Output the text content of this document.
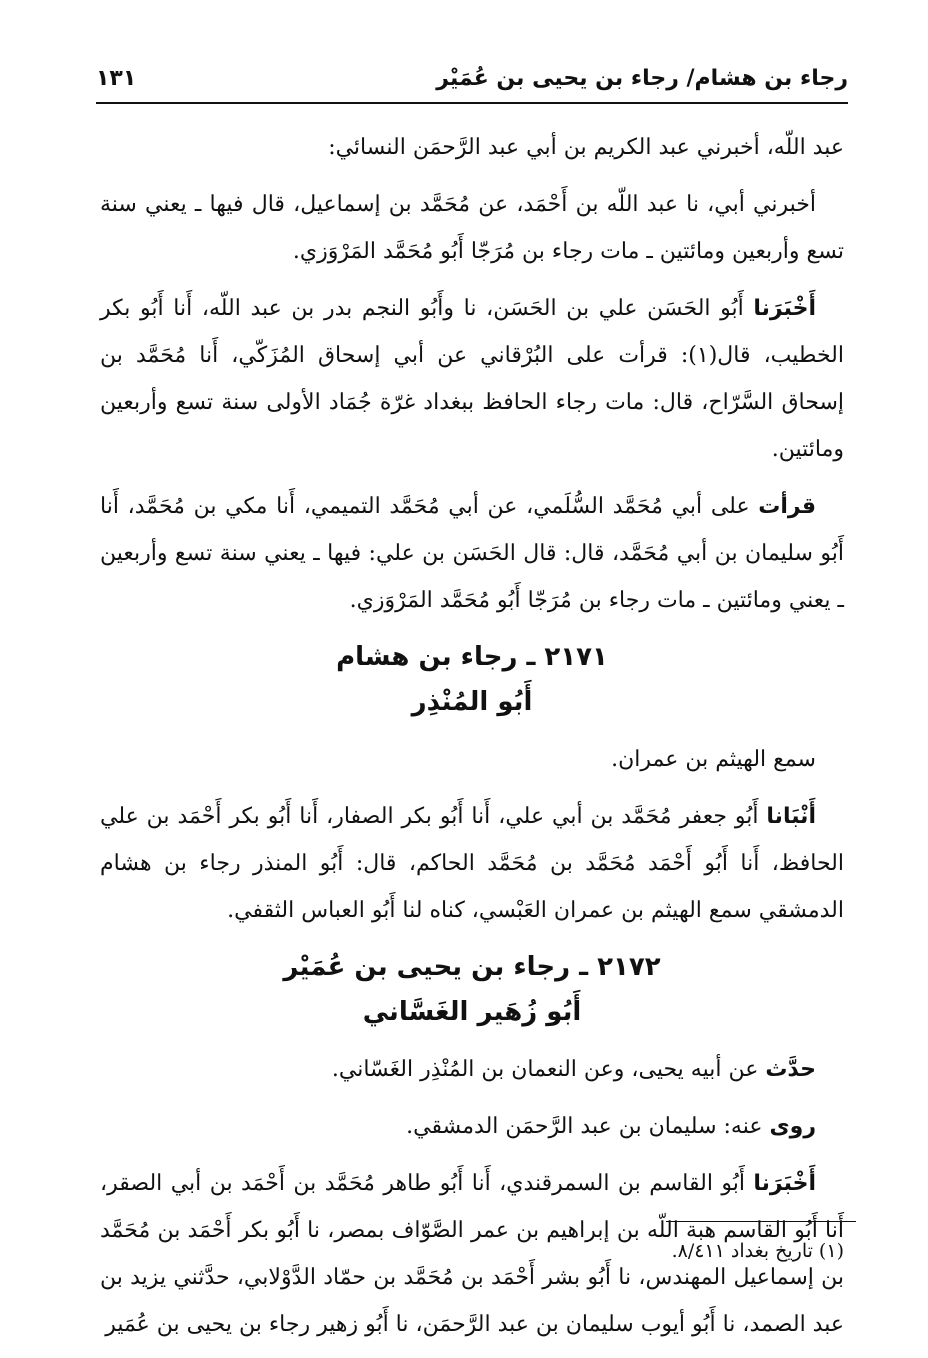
رجاء بن هشام/ رجاء بن يحيى بن عُمَيْر
١٣١

عبد اللّه، أخبرني عبد الكريم بن أبي عبد الرَّحمَن النسائي:

أخبرني أبي، نا عبد اللّه بن أَحْمَد، عن مُحَمَّد بن إسماعيل، قال فيها ـ يعني سنة تسع وأربعين ومائتين ـ مات رجاء بن مُرَجّا أَبُو مُحَمَّد المَرْوَزي.

أَخْبَرَنا أَبُو الحَسَن علي بن الحَسَن، نا وأَبُو النجم بدر بن عبد اللّه، أَنا أَبُو بكر الخطيب، قال(١): قرأت على البُرْقاني عن أبي إسحاق المُزَكّي، أَنا مُحَمَّد بن إسحاق السَّرّاح، قال: مات رجاء الحافظ ببغداد غرّة جُمَاد الأولى سنة تسع وأربعين ومائتين.

قرأت على أبي مُحَمَّد السُّلَمي، عن أبي مُحَمَّد التميمي، أَنا مكي بن مُحَمَّد، أَنا أَبُو سليمان بن أبي مُحَمَّد، قال: قال الحَسَن بن علي: فيها ـ يعني سنة تسع وأربعين ـ يعني ومائتين ـ مات رجاء بن مُرَجّا أَبُو مُحَمَّد المَرْوَزي.

٢١٧١ ـ رجاء بن هشام
أَبُو المُنْذِر

سمع الهيثم بن عمران.

أَنْبَانا أَبُو جعفر مُحَمَّد بن أبي علي، أَنا أَبُو بكر الصفار، أَنا أَبُو بكر أَحْمَد بن علي الحافظ، أَنا أَبُو أَحْمَد مُحَمَّد بن مُحَمَّد الحاكم، قال: أَبُو المنذر رجاء بن هشام الدمشقي سمع الهيثم بن عمران العَبْسي، كناه لنا أَبُو العباس الثقفي.

٢١٧٢ ـ رجاء بن يحيى بن عُمَيْر
أَبُو زُهَير الغَسَّاني

حدَّث عن أبيه يحيى، وعن النعمان بن المُنْذِر الغَسّاني.

روى عنه: سليمان بن عبد الرَّحمَن الدمشقي.

أَخْبَرَنا أَبُو القاسم بن السمرقندي، أَنا أَبُو طاهر مُحَمَّد بن أَحْمَد بن أبي الصقر، أَنا أَبُو القاسم هبة اللّه بن إبراهيم بن عمر الصَّوّاف بمصر، نا أَبُو بكر أَحْمَد بن مُحَمَّد بن إسماعيل المهندس، نا أَبُو بشر أَحْمَد بن مُحَمَّد بن حمّاد الدَّوْلابي، حدَّثني يزيد بن عبد الصمد، نا أَبُو أيوب سليمان بن عبد الرَّحمَن، نا أَبُو زهير رجاء بن يحيى بن عُمَير

(١) تاريخ بغداد ٨/٤١١.
